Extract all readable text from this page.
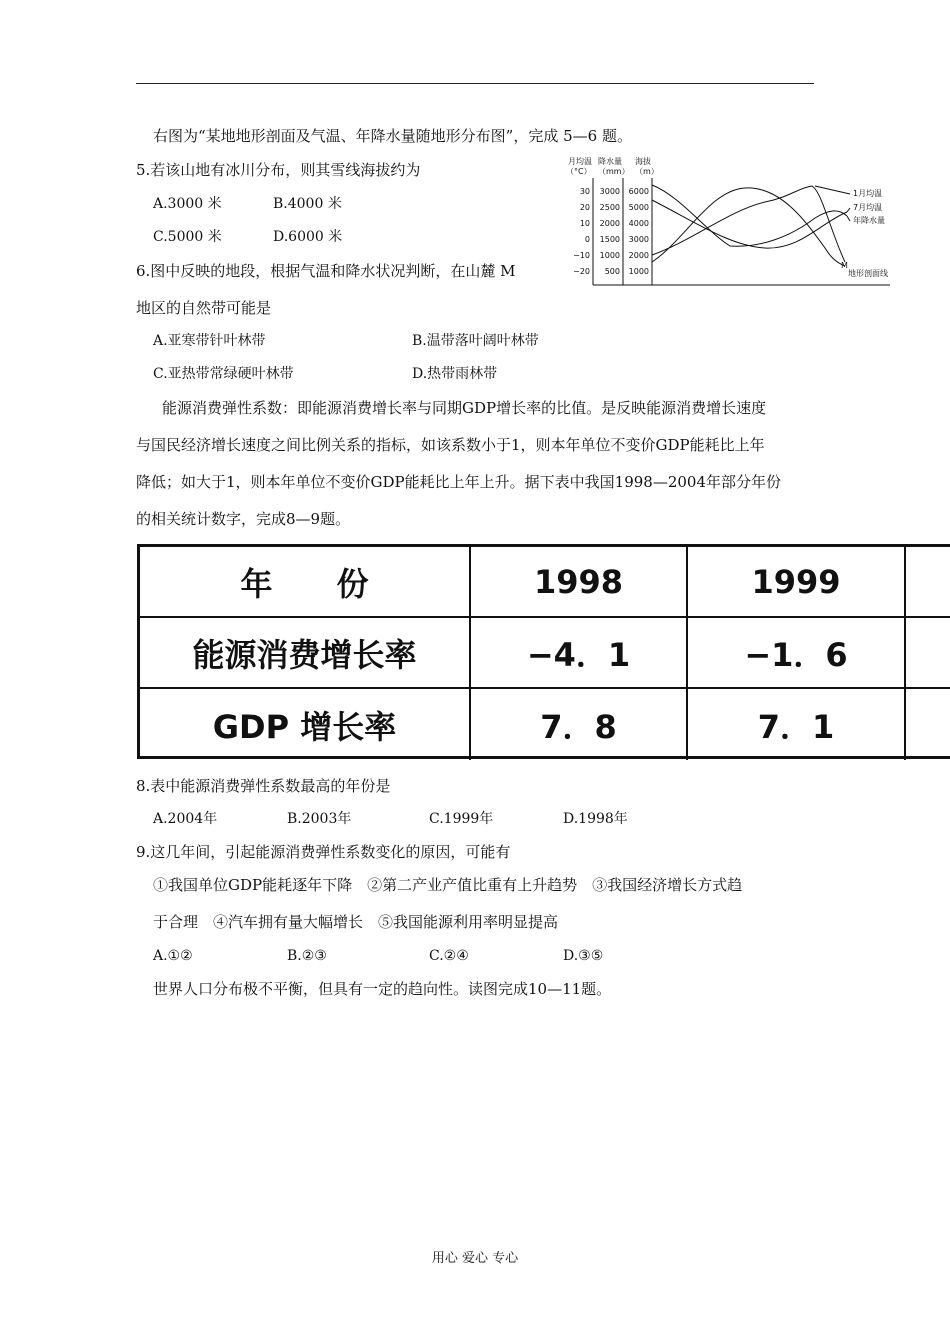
右图为“某地地形剖面及气温、年降水量随地形分布图”，完成 5—6 题。
5.若该山地有冰川分布，则其雪线海拔约为
A.3000 米	B.4000 米
C.5000 米	D.6000 米
6.图中反映的地段，根据气温和降水状况判断，在山麓 M
地区的自然带可能是
A.亚寒带针叶林带	B.温带落叶阔叶林带
C.亚热带常绿硬叶林带	D.热带雨林带
月均温
（°C）
降水量
（mm）
海拔
（m）
30
20
10
0
−10
−20
3000
2500
2000
1500
1000
500
6000
5000
4000
3000
2000
1000
1月均温
7月均温
年降水量
地形剖面线
M
能源消费弹性系数：即能源消费增长率与同期GDP增长率的比值。是反映能源消费增长速度
与国民经济增长速度之间比例关系的指标，如该系数小于1，则本年单位不变价GDP能耗比上年
降低；如大于1，则本年单位不变价GDP能耗比上年上升。据下表中我国1998—2004年部分年份
的相关统计数字，完成8—9题。
年　　份	1998	1999
能源消费增长率	−4．1	−1．6
GDP 增长率	7．8	7．1
8.表中能源消费弹性系数最高的年份是
A.2004年	B.2003年	C.1999年	D.1998年
9.这几年间，引起能源消费弹性系数变化的原因，可能有
①我国单位GDP能耗逐年下降　②第二产业产值比重有上升趋势　③我国经济增长方式趋
于合理　④汽车拥有量大幅增长　⑤我国能源利用率明显提高
A.①②	B.②③	C.②④	D.③⑤
世界人口分布极不平衡，但具有一定的趋向性。读图完成10—11题。
用心 爱心 专心
